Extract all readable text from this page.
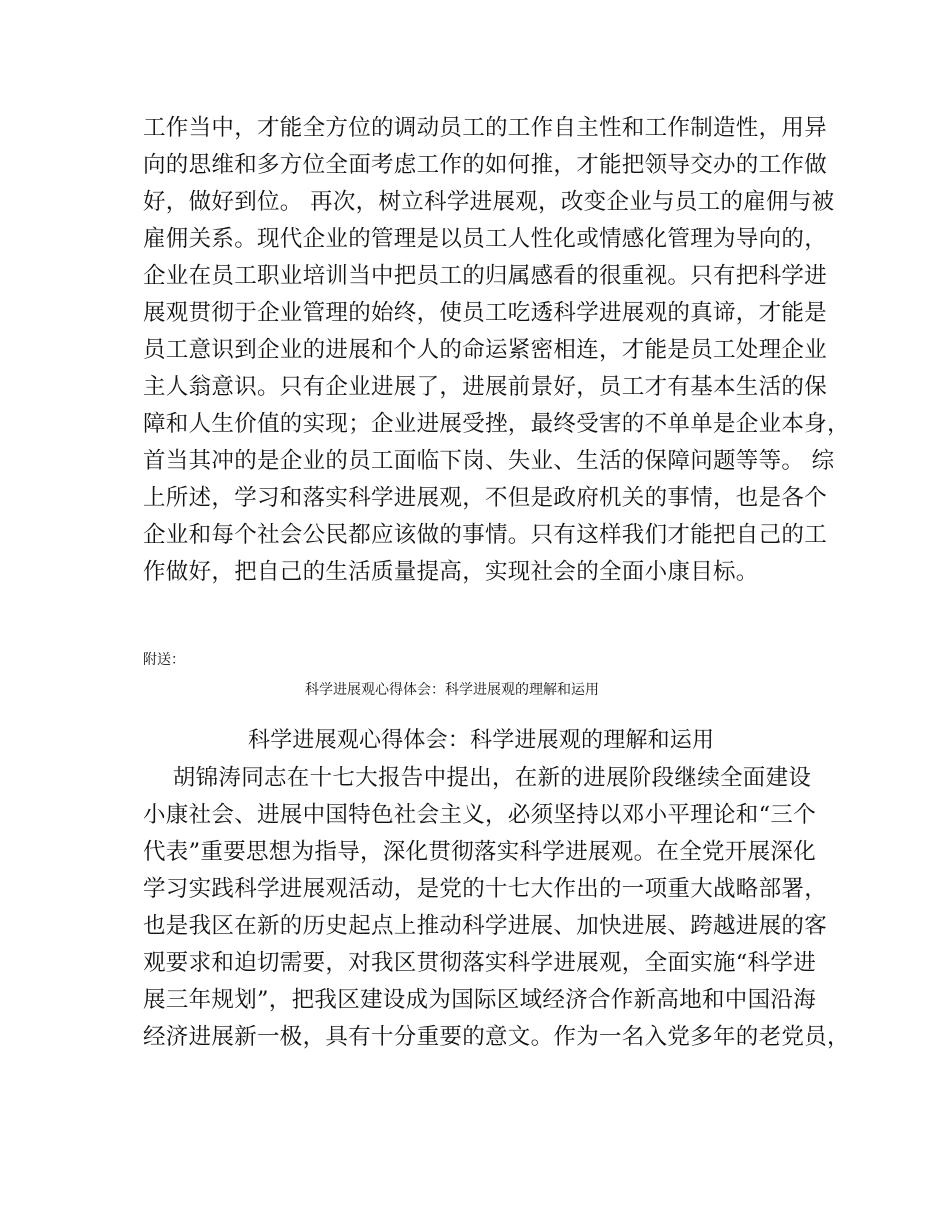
工作当中，才能全方位的调动员工的工作自主性和工作制造性，用异
向的思维和多方位全面考虑工作的如何推，才能把领导交办的工作做
好，做好到位。 再次，树立科学进展观，改变企业与员工的雇佣与被
雇佣关系。现代企业的管理是以员工人性化或情感化管理为导向的，
企业在员工职业培训当中把员工的归属感看的很重视。只有把科学进
展观贯彻于企业管理的始终，使员工吃透科学进展观的真谛，才能是
员工意识到企业的进展和个人的命运紧密相连，才能是员工处理企业
主人翁意识。只有企业进展了，进展前景好，员工才有基本生活的保
障和人生价值的实现；企业进展受挫，最终受害的不单单是企业本身，
首当其冲的是企业的员工面临下岗、失业、生活的保障问题等等。 综
上所述，学习和落实科学进展观，不但是政府机关的事情，也是各个
企业和每个社会公民都应该做的事情。只有这样我们才能把自己的工
作做好，把自己的生活质量提高，实现社会的全面小康目标。
附送：
科学进展观心得体会：科学进展观的理解和运用
科学进展观心得体会：科学进展观的理解和运用
胡锦涛同志在十七大报告中提出，在新的进展阶段继续全面建设
小康社会、进展中国特色社会主义，必须坚持以邓小平理论和“三个
代表”重要思想为指导，深化贯彻落实科学进展观。在全党开展深化
学习实践科学进展观活动，是党的十七大作出的一项重大战略部署，
也是我区在新的历史起点上推动科学进展、加快进展、跨越进展的客
观要求和迫切需要，对我区贯彻落实科学进展观，全面实施“科学进
展三年规划”，把我区建设成为国际区域经济合作新高地和中国沿海
经济进展新一极，具有十分重要的意文。作为一名入党多年的老党员，
